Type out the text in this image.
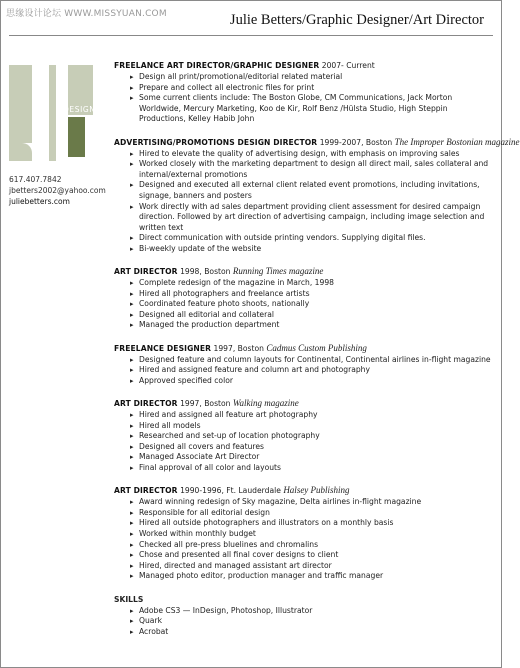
思缘设计论坛 WWW.MISSYUAN.COM	Julie Betters/Graphic Designer/Art Director
DESIGN
617.407.7842
jbetters2002@yahoo.com
juliebetters.com
FREELANCE ART DIRECTOR/GRAPHIC DESIGNER 2007- Current
▸ Design all print/promotional/editorial related material
▸ Prepare and collect all electronic files for print
▸ Some current clients include: The Boston Globe, CM Communications, Jack Morton Worldwide, Mercury Marketing, Koo de Kir, Rolf Benz /Hülsta Studio, High Steppin Productions, Kelley Habib John
ADVERTISING/PROMOTIONS DESIGN DIRECTOR 1999-2007, Boston The Improper Bostonian magazine
▸ Hired to elevate the quality of advertising design, with emphasis on improving sales
▸ Worked closely with the marketing department to design all direct mail, sales collateral and internal/external promotions
▸ Designed and executed all external client related event promotions, including invitations, signage, banners and posters
▸ Work directly with ad sales department providing client assessment for desired campaign direction. Followed by art direction of advertising campaign, including image selection and written text
▸ Direct communication with outside printing vendors. Supplying digital files.
▸ Bi-weekly update of the website
ART DIRECTOR 1998, Boston Running Times magazine
▸ Complete redesign of the magazine in March, 1998
▸ Hired all photographers and freelance artists
▸ Coordinated feature photo shoots, nationally
▸ Designed all editorial and collateral
▸ Managed the production department
FREELANCE DESIGNER 1997, Boston Cadmus Custom Publishing
▸ Designed feature and column layouts for Continental, Continental airlines in-flight magazine
▸ Hired and assigned feature and column art and photography
▸ Approved specified color
ART DIRECTOR 1997, Boston Walking magazine
▸ Hired and assigned all feature art photography
▸ Hired all models
▸ Researched and set-up of location photography
▸ Designed all covers and features
▸ Managed Associate Art Director
▸ Final approval of all color and layouts
ART DIRECTOR 1990-1996, Ft. Lauderdale Halsey Publishing
▸ Award winning redesign of Sky magazine, Delta airlines in-flight magazine
▸ Responsible for all editorial design
▸ Hired all outside photographers and illustrators on a monthly basis
▸ Worked within monthly budget
▸ Checked all pre-press bluelines and chromalins
▸ Chose and presented all final cover designs to client
▸ Hired, directed and managed assistant art director
▸ Managed photo editor, production manager and traffic manager
SKILLS
▸ Adobe CS3 — InDesign, Photoshop, Illustrator
▸ Quark
▸ Acrobat
